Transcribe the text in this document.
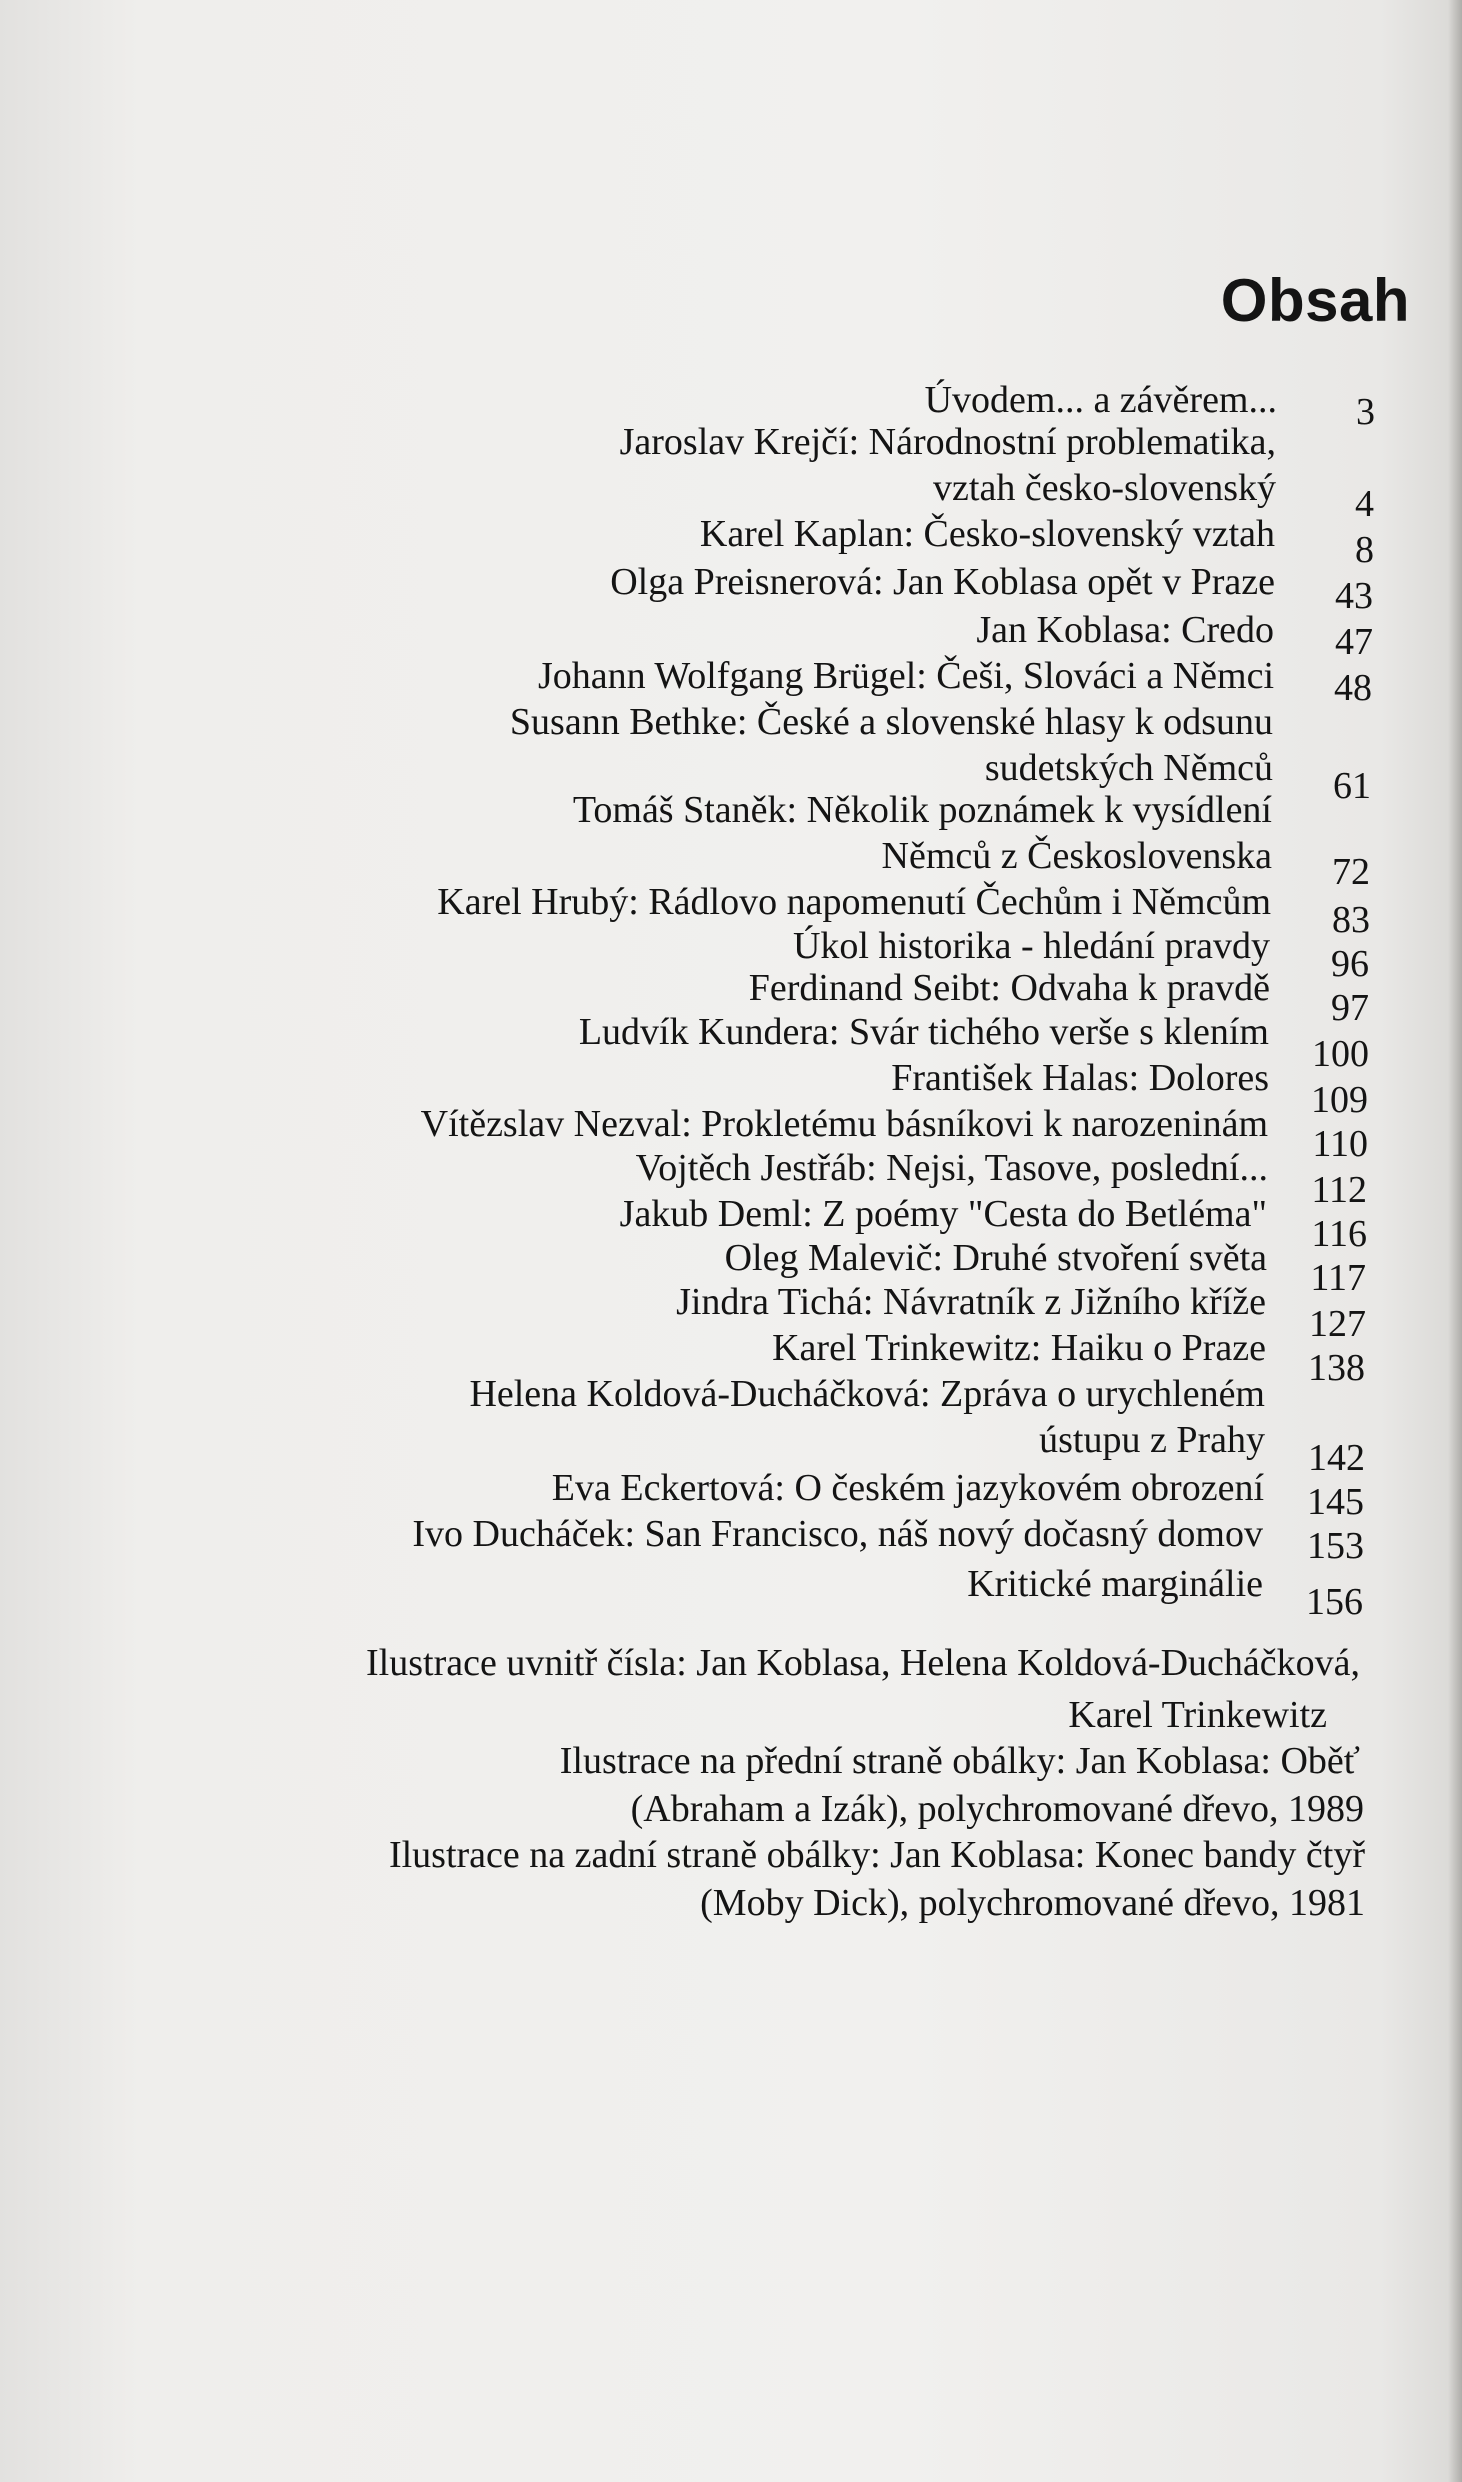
Obsah
Úvodem... a závěrem... 3
Jaroslav Krejčí: Národnostní problematika,
vztah česko-slovenský 4
Karel Kaplan: Česko-slovenský vztah 8
Olga Preisnerová: Jan Koblasa opět v Praze 43
Jan Koblasa: Credo 47
Johann Wolfgang Brügel: Češi, Slováci a Němci 48
Susann Bethke: České a slovenské hlasy k odsunu
sudetských Němců 61
Tomáš Staněk: Několik poznámek k vysídlení
Němců z Československa 72
Karel Hrubý: Rádlovo napomenutí Čechům i Němcům 83
Úkol historika - hledání pravdy 96
Ferdinand Seibt: Odvaha k pravdě 97
Ludvík Kundera: Svár tichého verše s klením
100
František Halas: Dolores
109
Vítězslav Nezval: Prokletému básníkovi k narozeninám 110
Vojtěch Jestřáb: Nejsi, Tasove, poslední...
112
Jakub Deml: Z poémy "Cesta do Betléma" 116
Oleg Malevič: Druhé stvoření světa 117
Jindra Tichá: Návratník z Jižního kříže
127
Karel Trinkewitz: Haiku o Praze 138
Helena Koldová-Ducháčková: Zpráva o urychleném
ústupu z Prahy 142
Eva Eckertová: O českém jazykovém obrození 145
Ivo Ducháček: San Francisco, náš nový dočasný domov 153
Kritické marginálie 156
Ilustrace uvnitř čísla: Jan Koblasa, Helena Koldová-Ducháčková,
Karel Trinkewitz
Ilustrace na přední straně obálky: Jan Koblasa: Oběť
(Abraham a Izák), polychromované dřevo, 1989
Ilustrace na zadní straně obálky: Jan Koblasa: Konec bandy čtyř
(Moby Dick), polychromované dřevo, 1981
